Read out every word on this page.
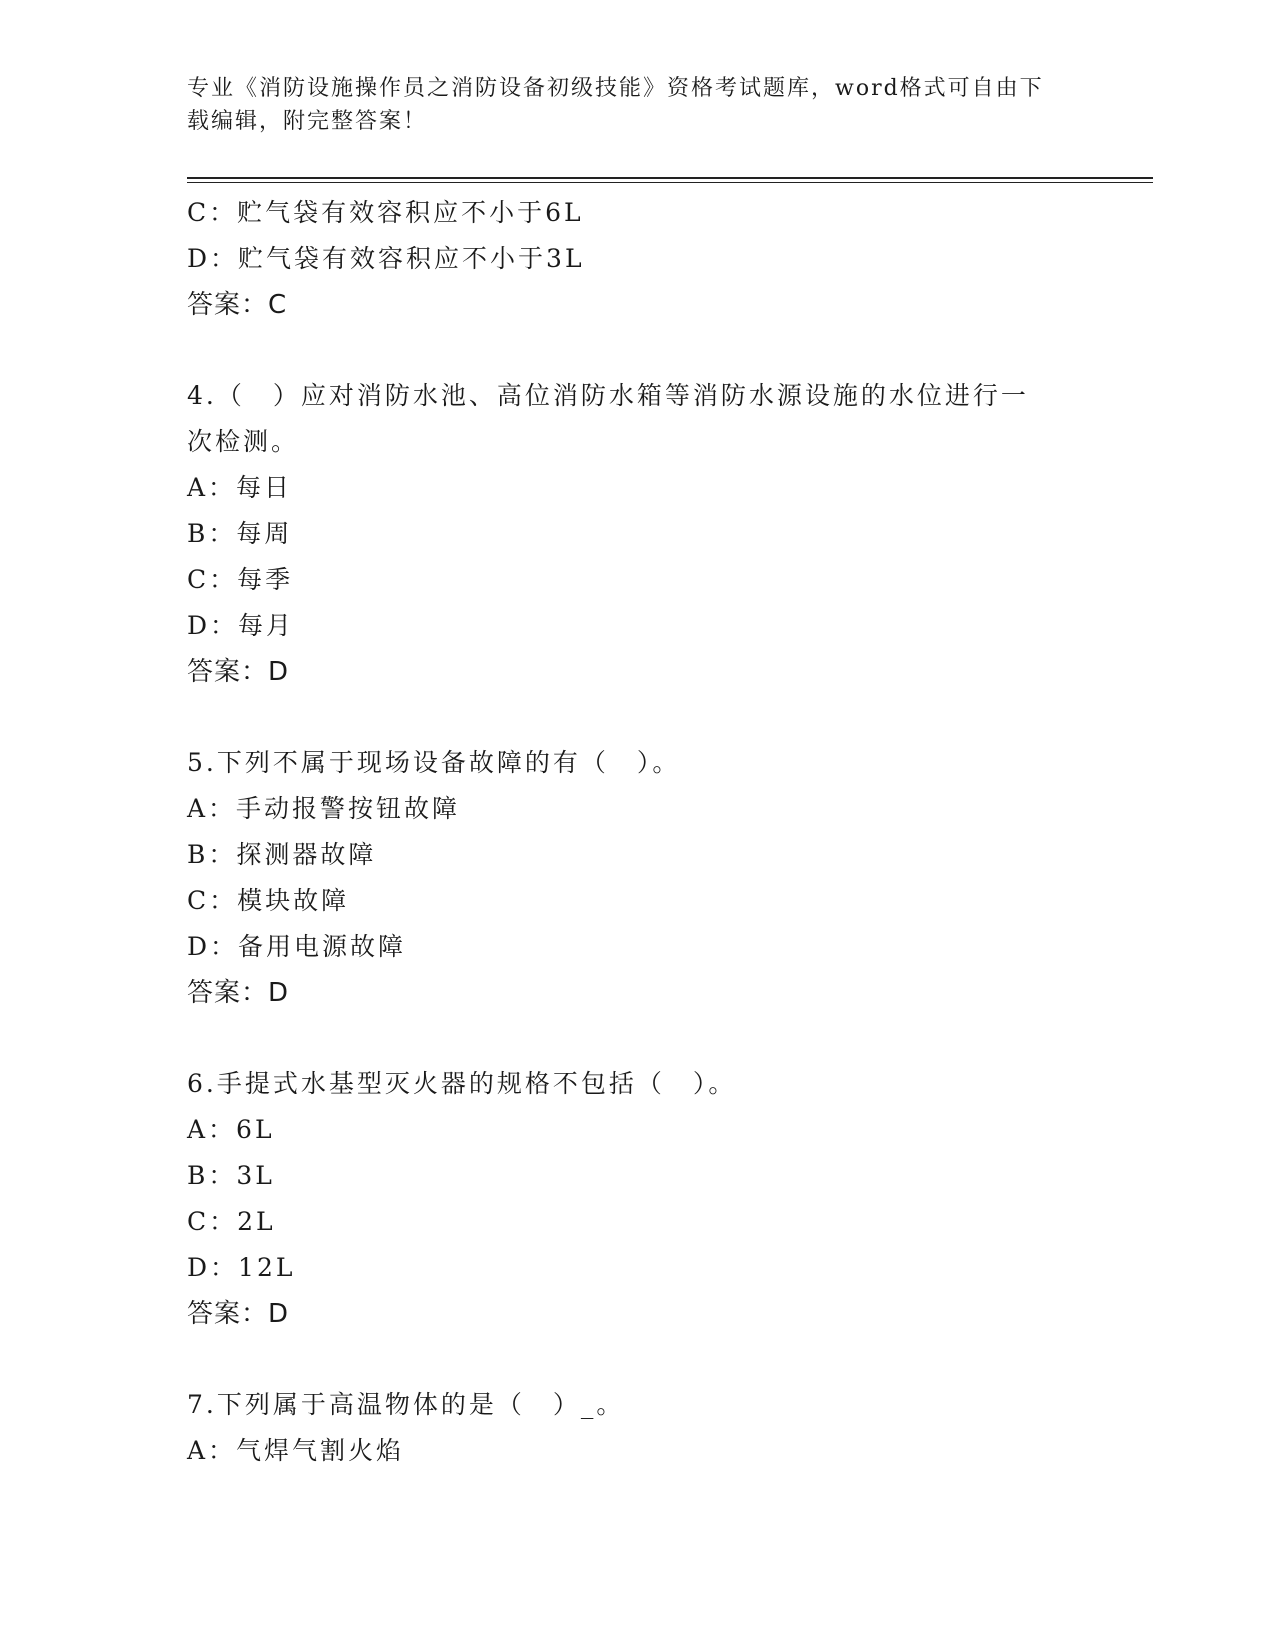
专业《消防设施操作员之消防设备初级技能》资格考试题库，word格式可自由下
载编辑，附完整答案！
C：贮气袋有效容积应不小于6L
D：贮气袋有效容积应不小于3L
答案：C
4.（　）应对消防水池、高位消防水箱等消防水源设施的水位进行一
次检测。
A：每日
B：每周
C：每季
D：每月
答案：D
5.下列不属于现场设备故障的有（　）。
A：手动报警按钮故障
B：探测器故障
C：模块故障
D：备用电源故障
答案：D
6.手提式水基型灭火器的规格不包括（　）。
A：6L
B：3L
C：2L
D：12L
答案：D
7.下列属于高温物体的是（　）_。
A：气焊气割火焰
